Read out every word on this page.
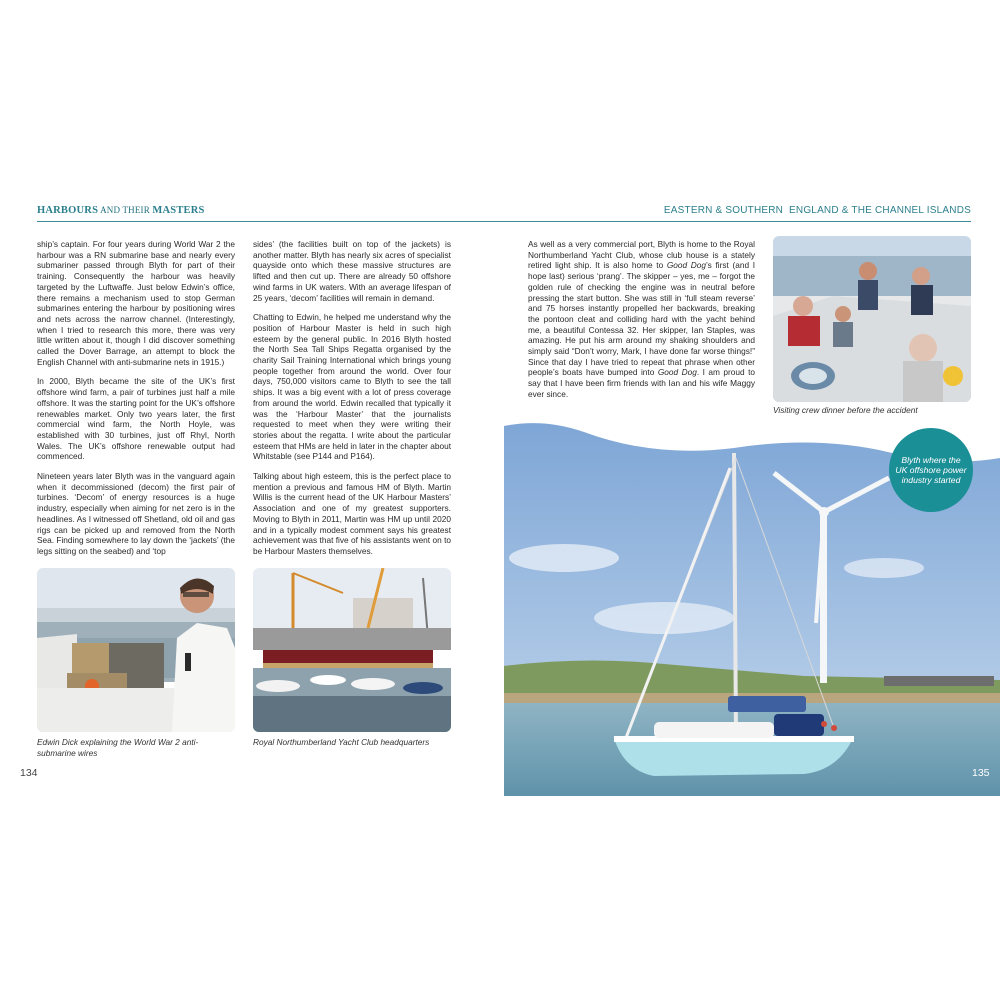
HARBOURS AND THEIR MASTERS	EASTERN & SOUTHERN  ENGLAND & THE CHANNEL ISLANDS

ship’s captain. For four years during World War 2 the harbour was a RN submarine base and nearly every submariner passed through Blyth for part of their training. Consequently the harbour was heavily targeted by the Luftwaffe. Just below Edwin’s office, there remains a mechanism used to stop German submarines entering the harbour by positioning wires and nets across the narrow channel. (Interestingly, when I tried to research this more, there was very little written about it, though I did discover something called the Dover Barrage, an attempt to block the English Channel with anti-submarine nets in 1915.)

In 2000, Blyth became the site of the UK’s first offshore wind farm, a pair of turbines just half a mile offshore. It was the starting point for the UK’s offshore renewables market. Only two years later, the first commercial wind farm, the North Hoyle, was established with 30 turbines, just off Rhyl, North Wales. The UK’s offshore renewable output had commenced.

Nineteen years later Blyth was in the vanguard again when it decommissioned (decom) the first pair of turbines. ‘Decom’ of energy resources is a huge industry, especially when aiming for net zero is in the headlines. As I witnessed off Shetland, old oil and gas rigs can be picked up and removed from the North Sea. Finding somewhere to lay down the ‘jackets’ (the legs sitting on the seabed) and ‘top

sides’ (the facilities built on top of the jackets) is another matter. Blyth has nearly six acres of specialist quayside onto which these massive structures are lifted and then cut up. There are already 50 offshore wind farms in UK waters. With an average lifespan of 25 years, ‘decom’ facilities will remain in demand.

Chatting to Edwin, he helped me understand why the position of Harbour Master is held in such high esteem by the general public. In 2016 Blyth hosted the North Sea Tall Ships Regatta organised by the charity Sail Training International which brings young people together from around the world. Over four days, 750,000 visitors came to Blyth to see the tall ships. It was a big event with a lot of press coverage from around the world. Edwin recalled that typically it was the ‘Harbour Master’ that the journalists requested to meet when they were writing their stories about the regatta. I write about the particular esteem that HMs are held in later in the chapter about Whitstable (see P144 and P164).

Talking about high esteem, this is the perfect place to mention a previous and famous HM of Blyth. Martin Willis is the current head of the UK Harbour Masters’ Association and one of my greatest supporters. Moving to Blyth in 2011, Martin was HM up until 2020 and in a typically modest comment says his greatest achievement was that five of his assistants went on to be Harbour Masters themselves.

Edwin Dick explaining the World War 2 anti-submarine wires
Royal Northumberland Yacht Club headquarters
134

As well as a very commercial port, Blyth is home to the Royal Northumberland Yacht Club, whose club house is a stately retired light ship. It is also home to Good Dog’s first (and I hope last) serious ‘prang’. The skipper – yes, me – forgot the golden rule of checking the engine was in neutral before pressing the start button. She was still in ‘full steam reverse’ and 75 horses instantly propelled her backwards, breaking the pontoon cleat and colliding hard with the yacht behind me, a beautiful Contessa 32. Her skipper, Ian Staples, was amazing. He put his arm around my shaking shoulders and simply said “Don’t worry, Mark, I have done far worse things!” Since that day I have tried to repeat that phrase when other people’s boats have bumped into Good Dog. I am proud to say that I have been firm friends with Ian and his wife Maggy ever since.

Visiting crew dinner before the accident
Blyth where the UK offshore power industry started
135
